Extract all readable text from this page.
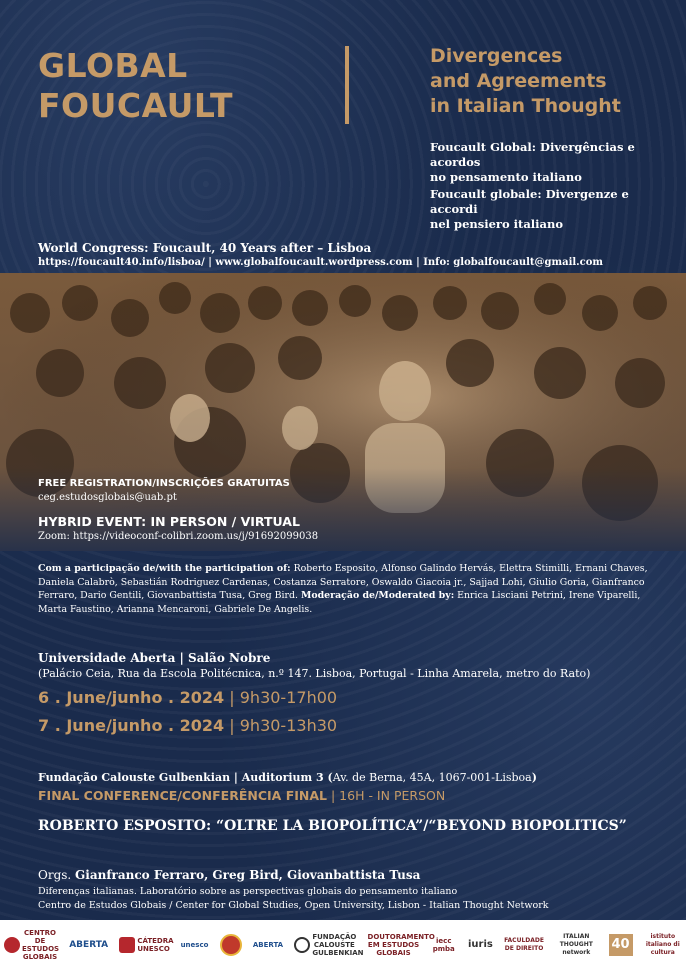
GLOBAL
FOUCAULT
Divergences
and Agreements
in Italian Thought
Foucault Global: Divergências e acordos
no pensamento italiano
Foucault globale: Divergenze e accordi
nel pensiero italiano
World Congress: Foucault, 40 Years after – Lisboa
https://foucault40.info/lisboa/ | www.globalfoucault.wordpress.com | Info: globalfoucault@gmail.com
FREE REGISTRATION/INSCRIÇÕES GRATUITAS
ceg.estudosglobais@uab.pt
HYBRID EVENT: IN PERSON / VIRTUAL
Zoom: https://videoconf-colibri.zoom.us/j/91692099038
Com a participação de/with the participation of: Roberto Esposito, Alfonso Galindo Hervás, Elettra Stimilli, Ernani Chaves, Daniela Calabrò, Sebastián Rodriguez Cardenas, Costanza Serratore, Oswaldo Giacoia jr., Sajjad Lohi, Giulio Goria, Gianfranco Ferraro, Dario Gentili, Giovanbattista Tusa, Greg Bird. Moderação de/Moderated by: Enrica Lisciani Petrini, Irene Viparelli, Marta Faustino, Arianna Mencaroni, Gabriele De Angelis.
Universidade Aberta | Salão Nobre
(Palácio Ceia, Rua da Escola Politécnica, n.º 147. Lisboa, Portugal - Linha Amarela, metro do Rato)
6 . June/junho . 2024 | 9h30-17h00
7 . June/junho . 2024 | 9h30-13h30
Fundação Calouste Gulbenkian | Auditorium 3 (Av. de Berna, 45A, 1067-001-Lisboa)
FINAL CONFERENCE/CONFERÊNCIA FINAL | 16H - IN PERSON
ROBERTO ESPOSITO: “OLTRE LA BIOPOLÍTICA”/“BEYOND BIOPOLITICS”
Orgs. Gianfranco Ferraro, Greg Bird, Giovanbattista Tusa
Diferenças italianas. Laboratório sobre as perspectivas globais do pensamento italiano
Centro de Estudos Globais / Center for Global Studies, Open University, Lisbon - Italian Thought Network
CENTRO DE ESTUDOS GLOBAIS
ABERTA	CÁTEDRA UNESCO unesco	ABERTA
FUNDAÇÃO CALOUSTE GULBENKIAN
DOUTORAMENTO EM ESTUDOS GLOBAIS
iecc pmba iuris FACULDADE DE DIREITO
ITALIAN THOUGHT network
40
istituto italiano di cultura
